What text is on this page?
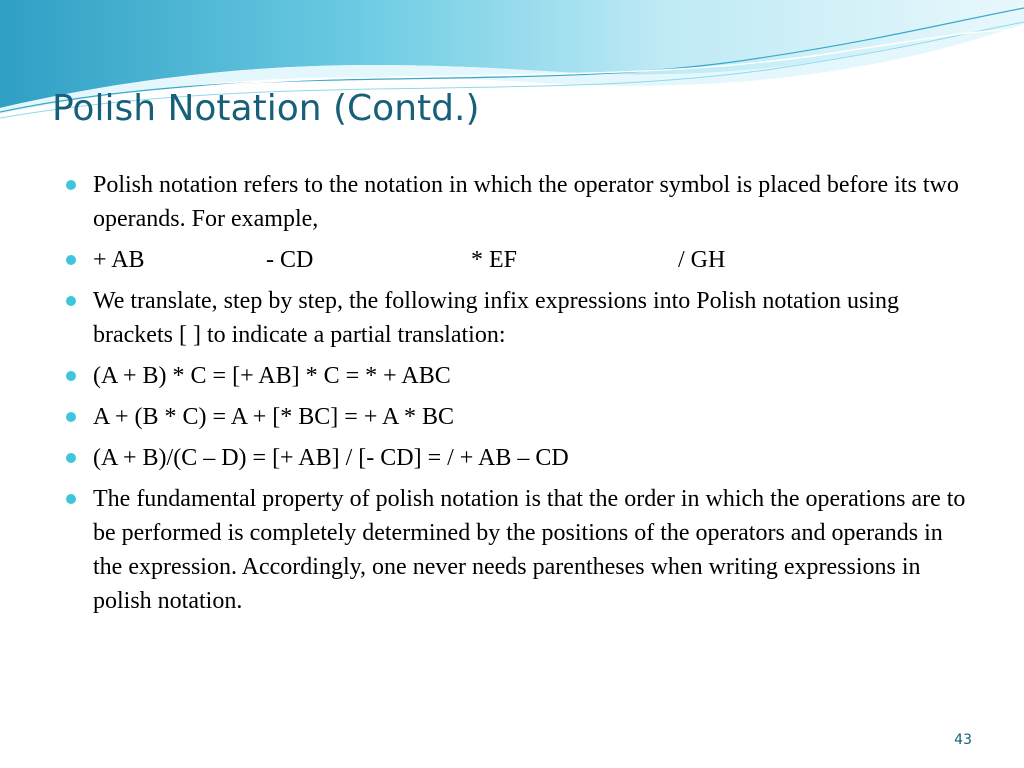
Polish Notation (Contd.)
Polish notation refers to the notation in which the operator symbol is placed before its two operands. For example,
+ AB	- CD	* EF	/ GH
We translate, step by step, the following infix expressions into Polish notation using brackets [ ] to indicate a partial translation:
(A + B) * C = [+ AB] * C = * + ABC
A + (B * C) = A + [* BC] = + A * BC
(A + B)/(C – D) = [+ AB] / [- CD] = / + AB – CD
The fundamental property of polish notation is that the order in which the operations are to be performed is completely determined by the positions of the operators and operands in the expression. Accordingly, one never needs parentheses when writing expressions in polish notation.
43
